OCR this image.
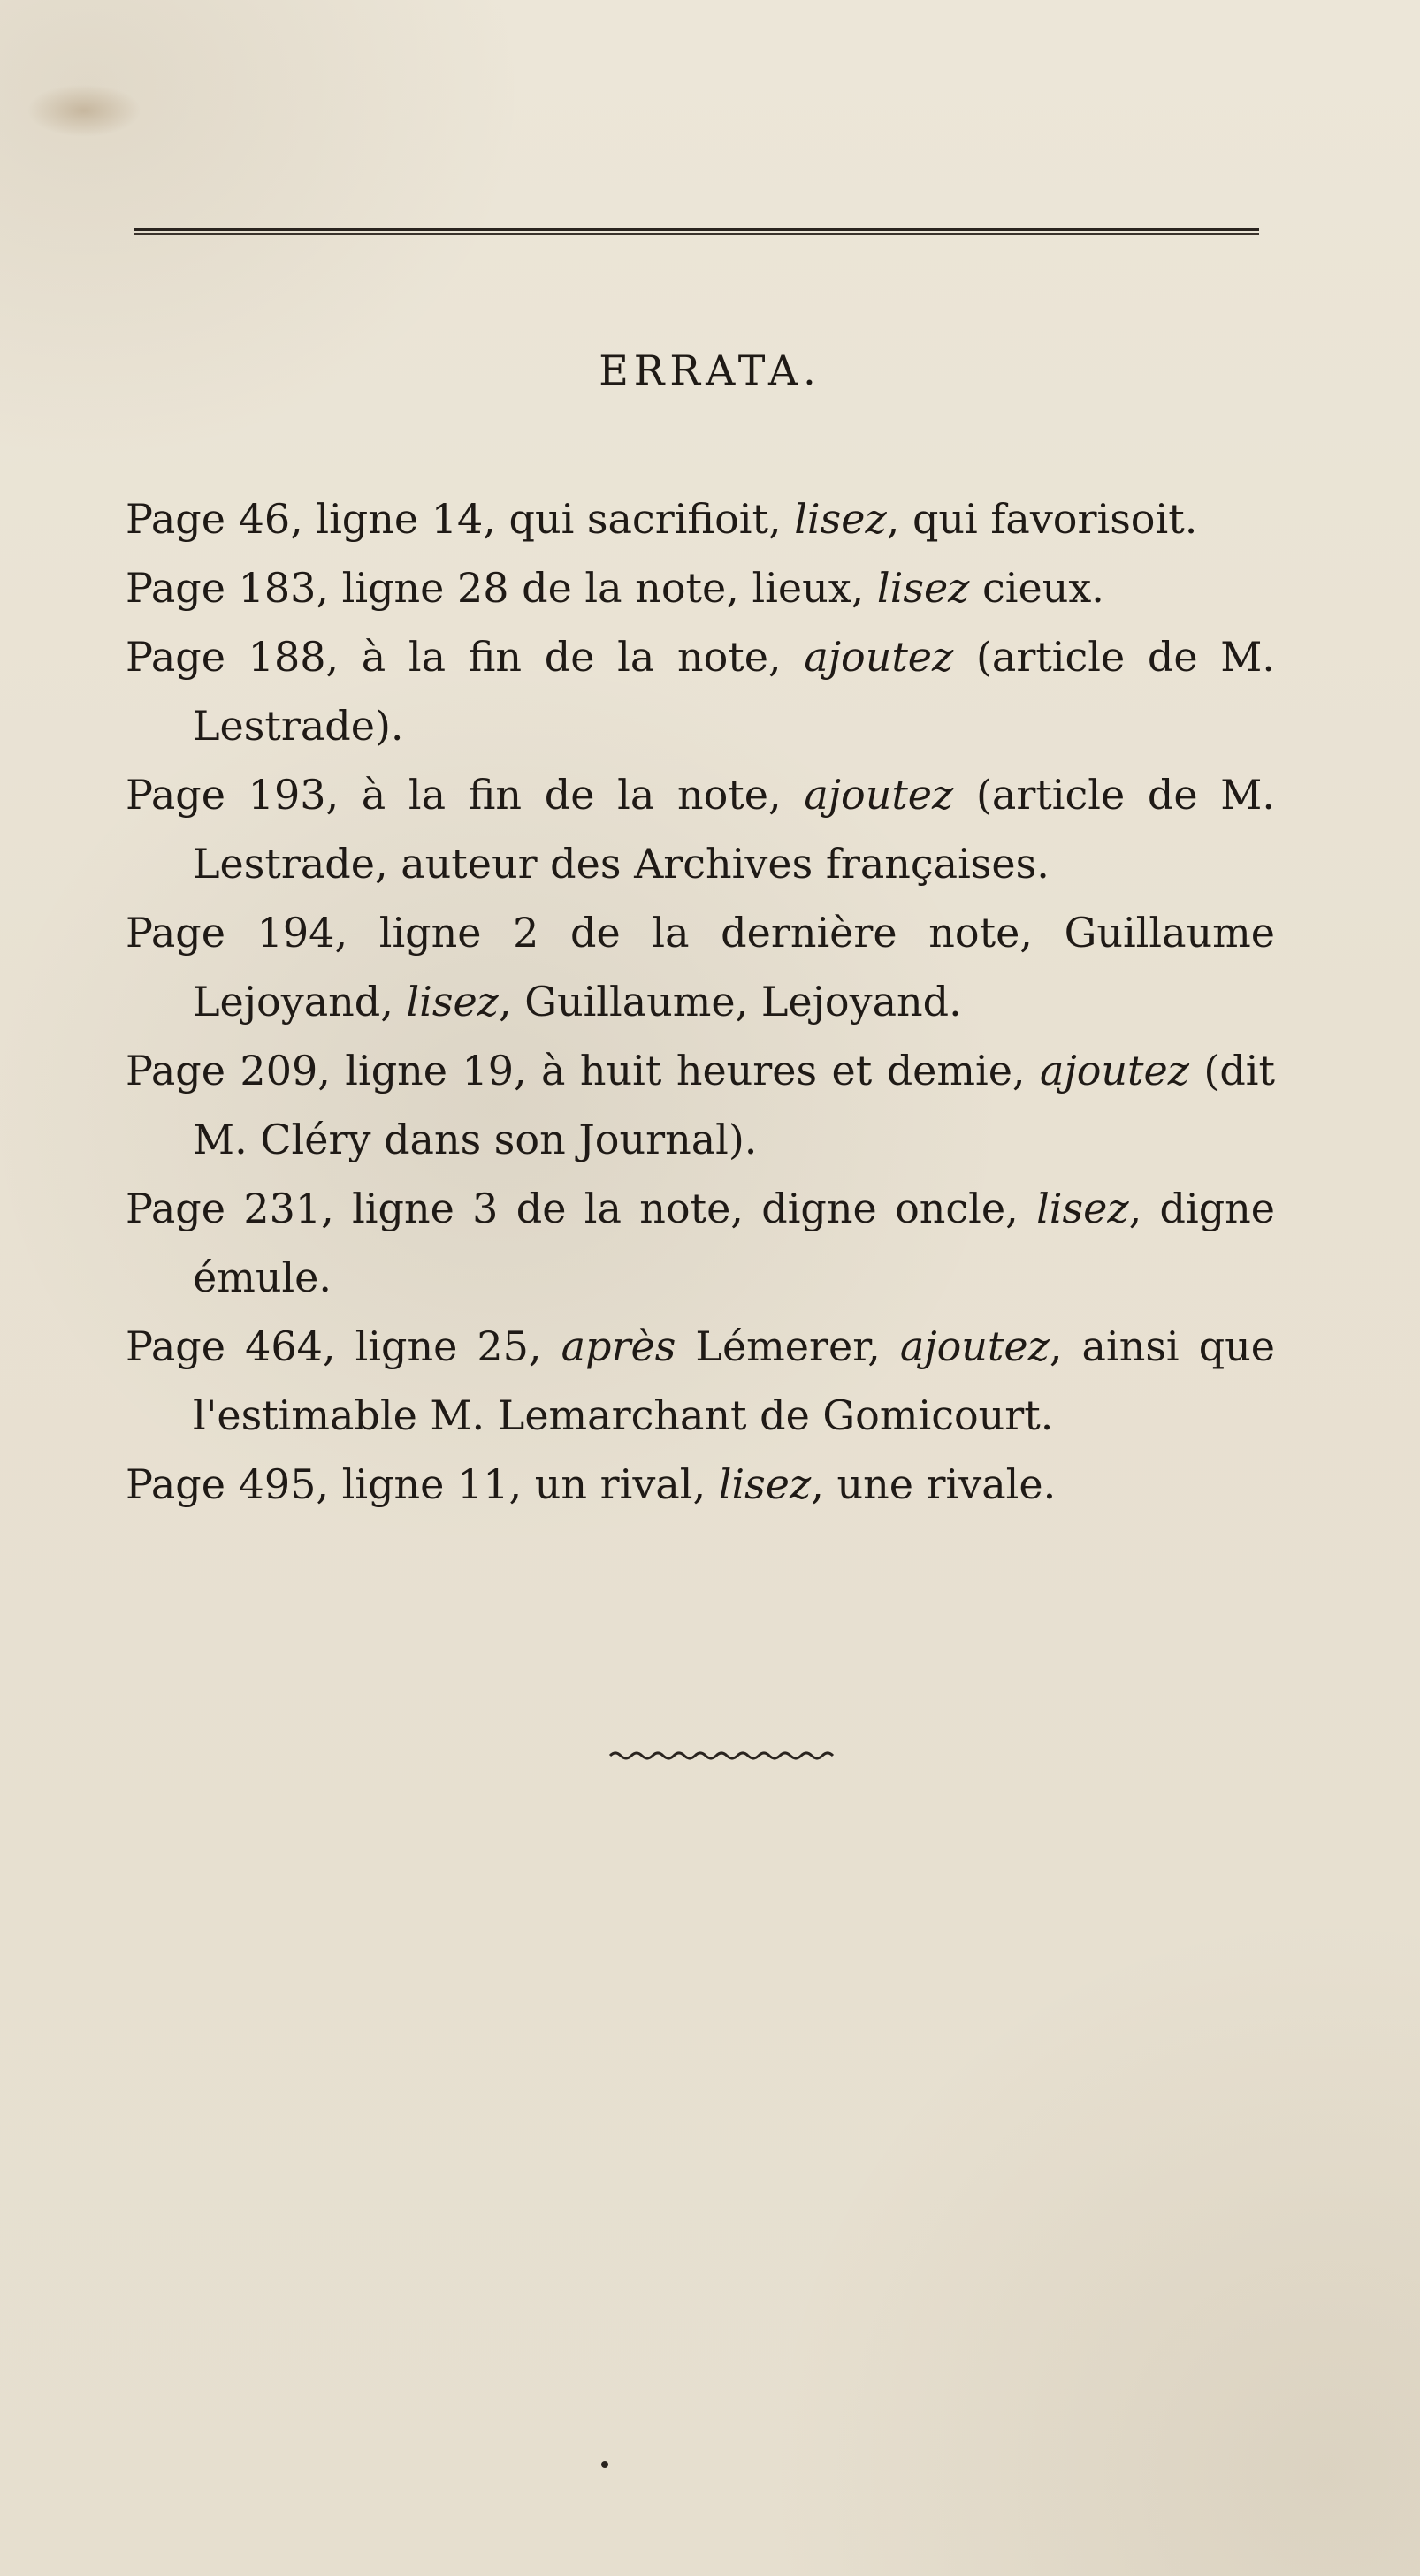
ERRATA.
Page 46, ligne 14, qui sacrifioit, lisez, qui favorisoit.
Page 183, ligne 28 de la note, lieux, lisez cieux.
Page 188, à la fin de la note, ajoutez (article de M. Lestrade).
Page 193, à la fin de la note, ajoutez (article de M. Lestrade, auteur des Archives françaises.
Page 194, ligne 2 de la dernière note, Guillaume Lejoyand, lisez, Guillaume, Lejoyand.
Page 209, ligne 19, à huit heures et demie, ajoutez (dit M. Cléry dans son Journal).
Page 231, ligne 3 de la note, digne oncle, lisez, digne émule.
Page 464, ligne 25, après Lémerer, ajoutez, ainsi que l'estimable M. Lemarchant de Gomicourt.
Page 495, ligne 11, un rival, lisez, une rivale.
